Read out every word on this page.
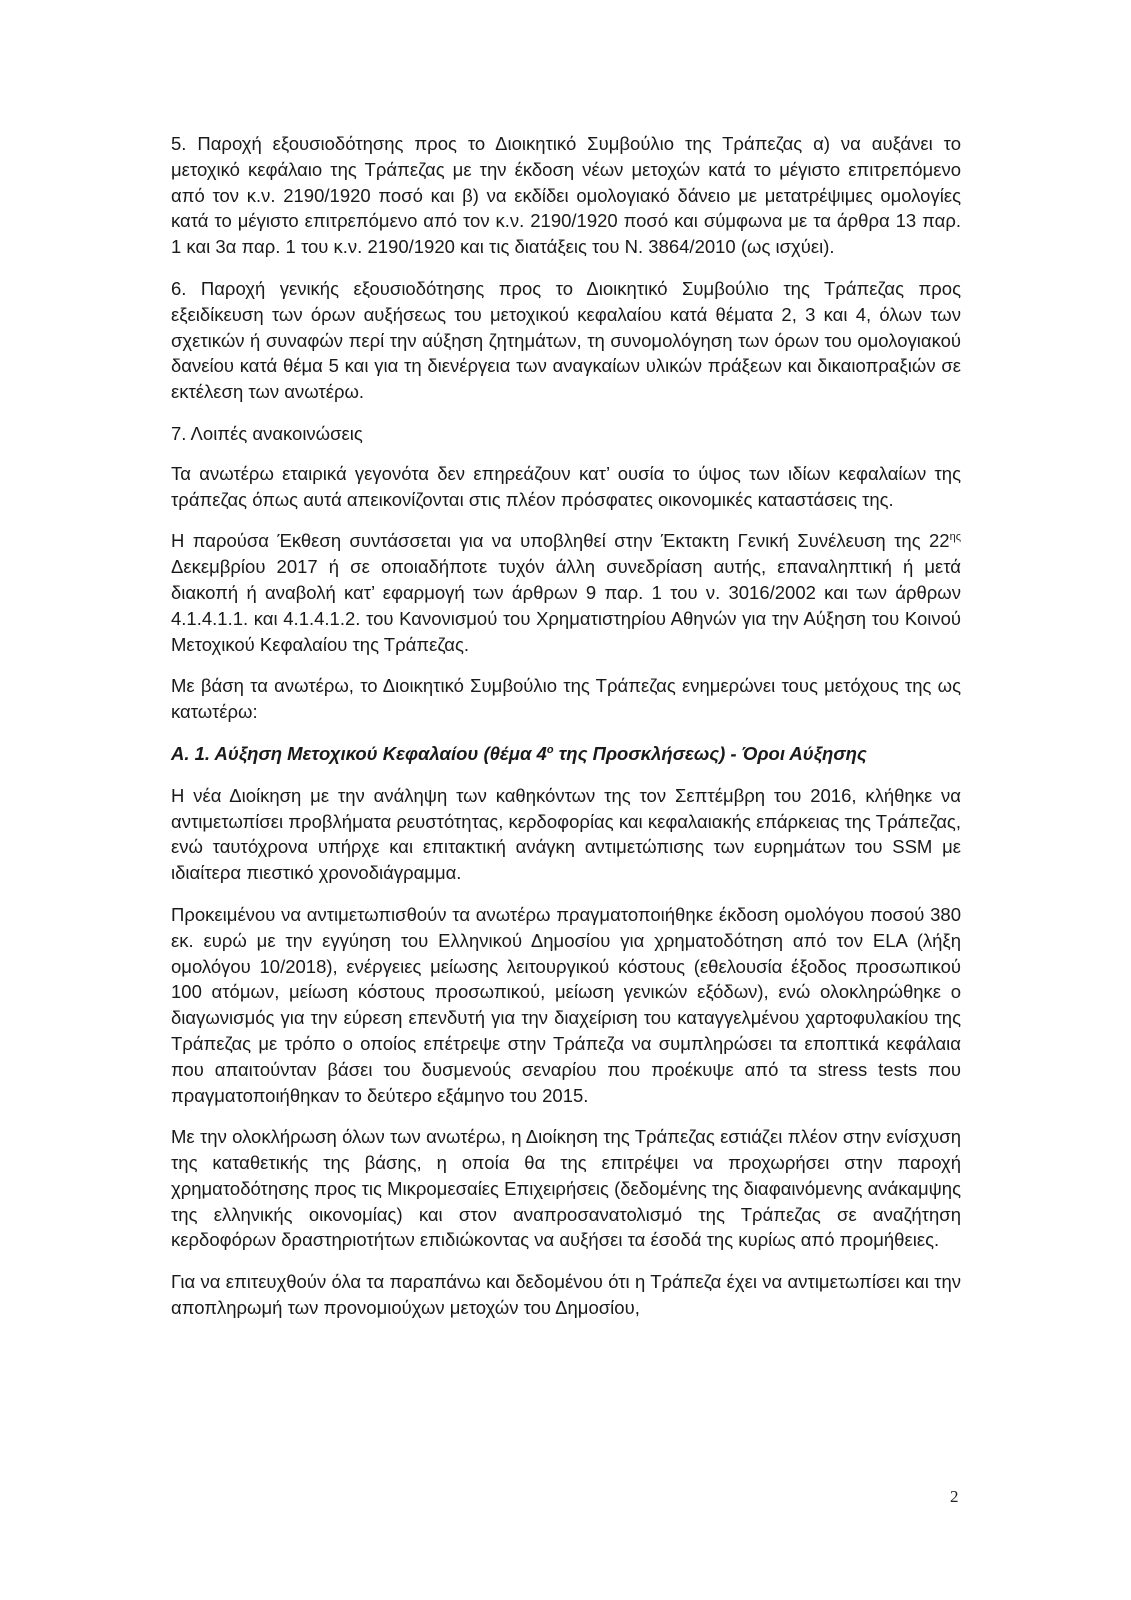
5. Παροχή εξουσιοδότησης προς το Διοικητικό Συμβούλιο της Τράπεζας α) να αυξάνει το μετοχικό κεφάλαιο της Τράπεζας με την έκδοση νέων μετοχών κατά το μέγιστο επιτρεπόμενο από τον κ.ν. 2190/1920 ποσό και β) να εκδίδει ομολογιακό δάνειο με μετατρέψιμες ομολογίες κατά το μέγιστο επιτρεπόμενο από τον κ.ν. 2190/1920 ποσό και σύμφωνα με τα άρθρα 13 παρ. 1 και 3α παρ. 1 του κ.ν. 2190/1920 και τις διατάξεις του Ν. 3864/2010 (ως ισχύει).

6. Παροχή γενικής εξουσιοδότησης προς το Διοικητικό Συμβούλιο της Τράπεζας προς εξειδίκευση των όρων αυξήσεως του μετοχικού κεφαλαίου κατά θέματα 2, 3 και 4, όλων των σχετικών ή συναφών περί την αύξηση ζητημάτων, τη συνομολόγηση των όρων του ομολογιακού δανείου κατά θέμα 5 και για τη διενέργεια των αναγκαίων υλικών πράξεων και δικαιοπραξιών σε εκτέλεση των ανωτέρω.

7. Λοιπές ανακοινώσεις

Τα ανωτέρω εταιρικά γεγονότα δεν επηρεάζουν κατ’ ουσία το ύψος των ιδίων κεφαλαίων της τράπεζας όπως αυτά απεικονίζονται στις πλέον πρόσφατες οικονομικές καταστάσεις της.

Η παρούσα Έκθεση συντάσσεται για να υποβληθεί στην Έκτακτη Γενική Συνέλευση της $22^{\eta\varsigma}$ Δεκεμβρίου 2017 ή σε οποιαδήποτε τυχόν άλλη συνεδρίαση αυτής, επαναληπτική ή μετά διακοπή ή αναβολή κατ’ εφαρμογή των άρθρων 9 παρ. 1 του ν. 3016/2002 και των άρθρων 4.1.4.1.1. και 4.1.4.1.2. του Κανονισμού του Χρηματιστηρίου Αθηνών για την Αύξηση του Κοινού Μετοχικού Κεφαλαίου της Τράπεζας.

Με βάση τα ανωτέρω, το Διοικητικό Συμβούλιο της Τράπεζας ενημερώνει τους μετόχους της ως κατωτέρω:

Α. 1. Αύξηση Μετοχικού Κεφαλαίου (θέμα $4^o$ της Προσκλήσεως) - Όροι Αύξησης

Η νέα Διοίκηση με την ανάληψη των καθηκόντων της τον Σεπτέμβρη του 2016, κλήθηκε να αντιμετωπίσει προβλήματα ρευστότητας, κερδοφορίας και κεφαλαιακής επάρκειας της Τράπεζας, ενώ ταυτόχρονα υπήρχε και επιτακτική ανάγκη αντιμετώπισης των ευρημάτων του SSM με ιδιαίτερα πιεστικό χρονοδιάγραμμα.

Προκειμένου να αντιμετωπισθούν τα ανωτέρω πραγματοποιήθηκε έκδοση ομολόγου ποσού 380 εκ. ευρώ με την εγγύηση του Ελληνικού Δημοσίου για χρηματοδότηση από τον ELA (λήξη ομολόγου 10/2018), ενέργειες μείωσης λειτουργικού κόστους (εθελουσία έξοδος προσωπικού 100 ατόμων, μείωση κόστους προσωπικού, μείωση γενικών εξόδων), ενώ ολοκληρώθηκε ο διαγωνισμός για την εύρεση επενδυτή για την διαχείριση του καταγγελμένου χαρτοφυλακίου της Τράπεζας με τρόπο ο οποίος επέτρεψε στην Τράπεζα να συμπληρώσει τα εποπτικά κεφάλαια που απαιτούνταν βάσει του δυσμενούς σεναρίου που προέκυψε από τα stress tests που πραγματοποιήθηκαν το δεύτερο εξάμηνο του 2015.

Με την ολοκλήρωση όλων των ανωτέρω, η Διοίκηση της Τράπεζας εστιάζει πλέον στην ενίσχυση της καταθετικής της βάσης, η οποία θα της επιτρέψει να προχωρήσει στην παροχή χρηματοδότησης προς τις Μικρομεσαίες Επιχειρήσεις (δεδομένης της διαφαινόμενης ανάκαμψης της ελληνικής οικονομίας) και στον αναπροσανατολισμό της Τράπεζας σε αναζήτηση κερδοφόρων δραστηριοτήτων επιδιώκοντας να αυξήσει τα έσοδά της κυρίως από προμήθειες.

Για να επιτευχθούν όλα τα παραπάνω και δεδομένου ότι η Τράπεζα έχει να αντιμετωπίσει και την αποπληρωμή των προνομιούχων μετοχών του Δημοσίου,

2
